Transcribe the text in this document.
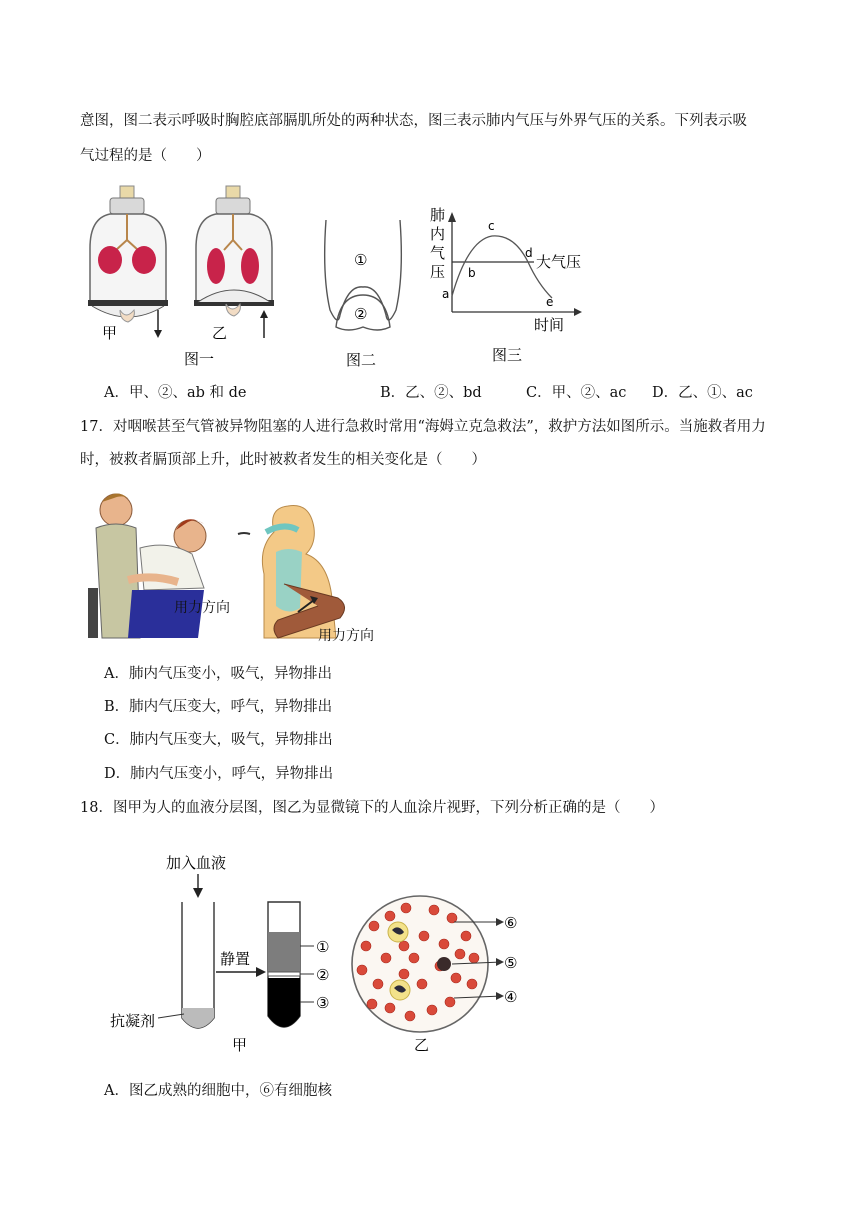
意图，图二表示呼吸时胸腔底部膈肌所处的两种状态，图三表示肺内气压与外界气压的关系。下列表示吸
气过程的是（　　）
甲	乙
图一
①
②
图二
肺
内
气
压
时间
大气压
a
b
c
d
e
图三
A．甲、②、ab 和 de	B．乙、②、bd	C．甲、②、ac D．乙、①、ac
17．对咽喉甚至气管被异物阻塞的人进行急救时常用“海姆立克急救法”，救护方法如图所示。当施救者用力
时，被救者膈顶部上升，此时被救者发生的相关变化是（　　）
用力方向
用力方向
A．肺内气压变小，吸气，异物排出
B．肺内气压变大，呼气，异物排出
C．肺内气压变大，吸气，异物排出
D．肺内气压变小，呼气，异物排出
18．图甲为人的血液分层图，图乙为显微镜下的人血涂片视野，下列分析正确的是（　　）
加入血液
抗凝剂
甲
静置
①
②
③
⑥
⑤
④
乙
A．图乙成熟的细胞中，⑥有细胞核
